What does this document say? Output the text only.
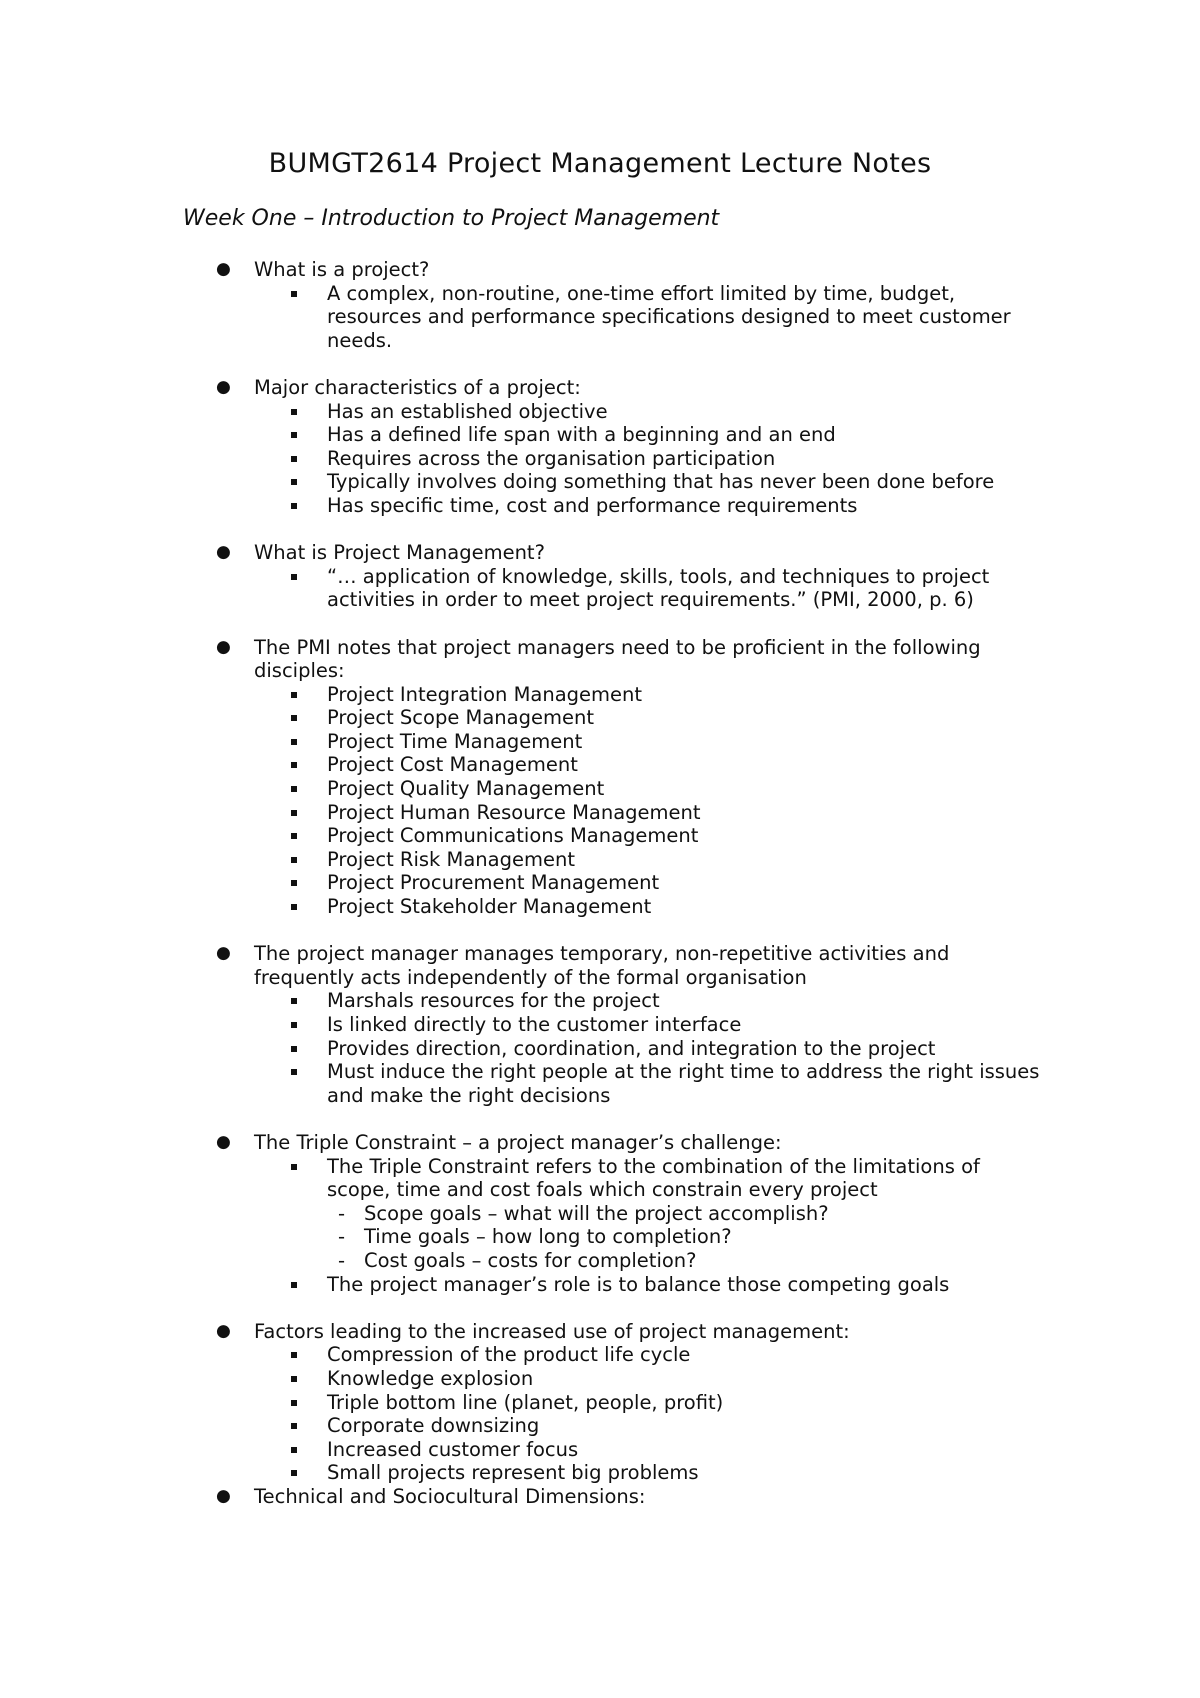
BUMGT2614 Project Management Lecture Notes
Week One – Introduction to Project Management
● What is a project?
A complex, non-routine, one-time effort limited by time, budget, resources and performance specifications designed to meet customer needs.
● Major characteristics of a project:
Has an established objective
Has a defined life span with a beginning and an end
Requires across the organisation participation
Typically involves doing something that has never been done before
Has specific time, cost and performance requirements
● What is Project Management?
“… application of knowledge, skills, tools, and techniques to project activities in order to meet project requirements.” (PMI, 2000, p. 6)
● The PMI notes that project managers need to be proficient in the following disciples:
Project Integration Management
Project Scope Management
Project Time Management
Project Cost Management
Project Quality Management
Project Human Resource Management
Project Communications Management
Project Risk Management
Project Procurement Management
Project Stakeholder Management
● The project manager manages temporary, non-repetitive activities and frequently acts independently of the formal organisation
Marshals resources for the project
Is linked directly to the customer interface
Provides direction, coordination, and integration to the project
Must induce the right people at the right time to address the right issues and make the right decisions
● The Triple Constraint – a project manager’s challenge:
The Triple Constraint refers to the combination of the limitations of scope, time and cost foals which constrain every project
- Scope goals – what will the project accomplish?
- Time goals – how long to completion?
- Cost goals – costs for completion?
The project manager’s role is to balance those competing goals
● Factors leading to the increased use of project management:
Compression of the product life cycle
Knowledge explosion
Triple bottom line (planet, people, profit)
Corporate downsizing
Increased customer focus
Small projects represent big problems
● Technical and Sociocultural Dimensions:
